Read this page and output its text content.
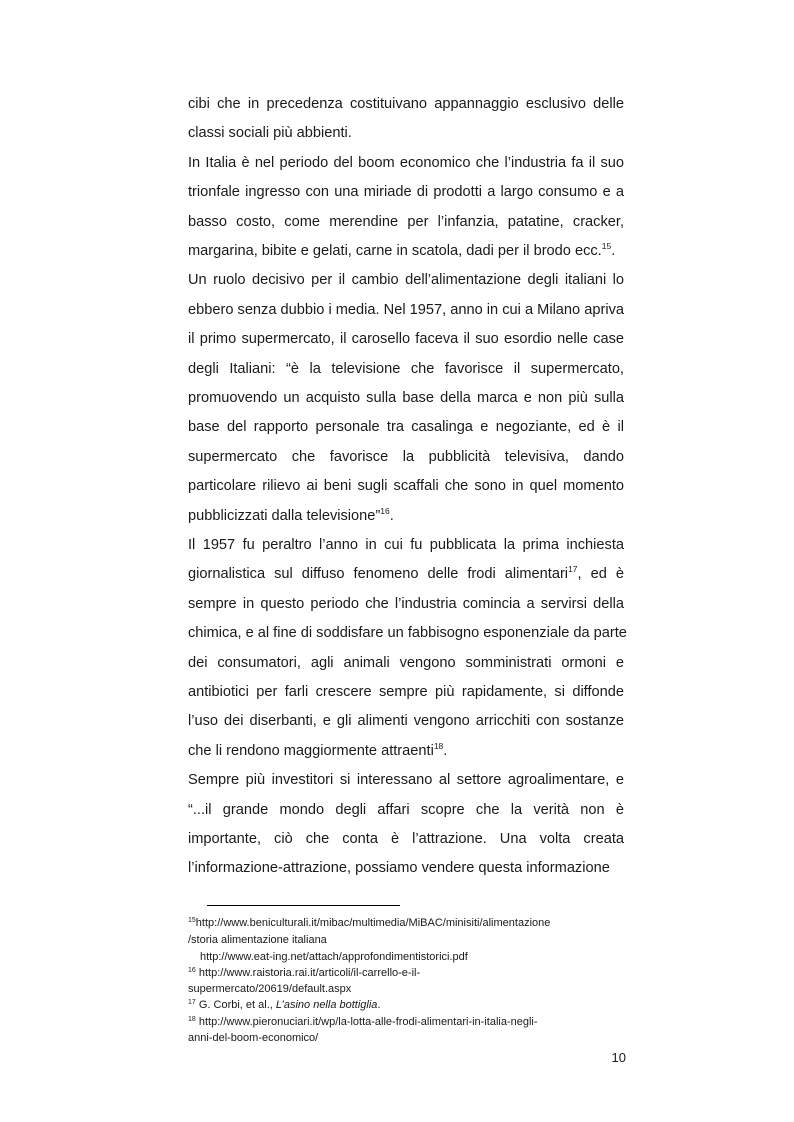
cibi che in precedenza costituivano appannaggio esclusivo delle
classi sociali più abbienti.
In Italia è nel periodo del boom economico che l’industria fa il suo
trionfale ingresso con una miriade di prodotti a largo consumo e a
basso costo, come merendine per l’infanzia, patatine, cracker,
margarina, bibite e gelati, carne in scatola, dadi per il brodo ecc.$^{15}$.
Un ruolo decisivo per il cambio dell’alimentazione degli italiani lo
ebbero senza dubbio i media. Nel 1957, anno in cui a Milano apriva
il primo supermercato, il carosello faceva il suo esordio nelle case
degli Italiani: “è la televisione che favorisce il supermercato,
promuovendo un acquisto sulla base della marca e non più sulla
base del rapporto personale tra casalinga e negoziante, ed è il
supermercato che favorisce la pubblicità televisiva, dando
particolare rilievo ai beni sugli scaffali che sono in quel momento
pubblicizzati dalla televisione”$^{16}$.
Il 1957 fu peraltro l’anno in cui fu pubblicata la prima inchiesta
giornalistica sul diffuso fenomeno delle frodi alimentari$^{17}$, ed è
sempre in questo periodo che l’industria comincia a servirsi della
chimica, e al fine di soddisfare un fabbisogno esponenziale da parte
dei consumatori, agli animali vengono somministrati ormoni e
antibiotici per farli crescere sempre più rapidamente, si diffonde
l’uso dei diserbanti, e gli alimenti vengono arricchiti con sostanze
che li rendono maggiormente attraenti$^{18}$.
Sempre più investitori si interessano al settore agroalimentare, e
“...il grande mondo degli affari scopre che la verità non è
importante, ciò che conta è l’attrazione. Una volta creata
l’informazione-attrazione, possiamo vendere questa informazione
$^{15}$http://www.beniculturali.it/mibac/multimedia/MiBAC/minisiti/alimentazione
/storia alimentazione italiana
http://www.eat-ing.net/attach/approfondimentistorici.pdf
$^{16}$ http://www.raistoria.rai.it/articoli/il-carrello-e-il-
supermercato/20619/default.aspx
$^{17}$ G. Corbi, et al., L’asino nella bottiglia.
$^{18}$ http://www.pieronuciari.it/wp/la-lotta-alle-frodi-alimentari-in-italia-negli-
anni-del-boom-economico/
10
